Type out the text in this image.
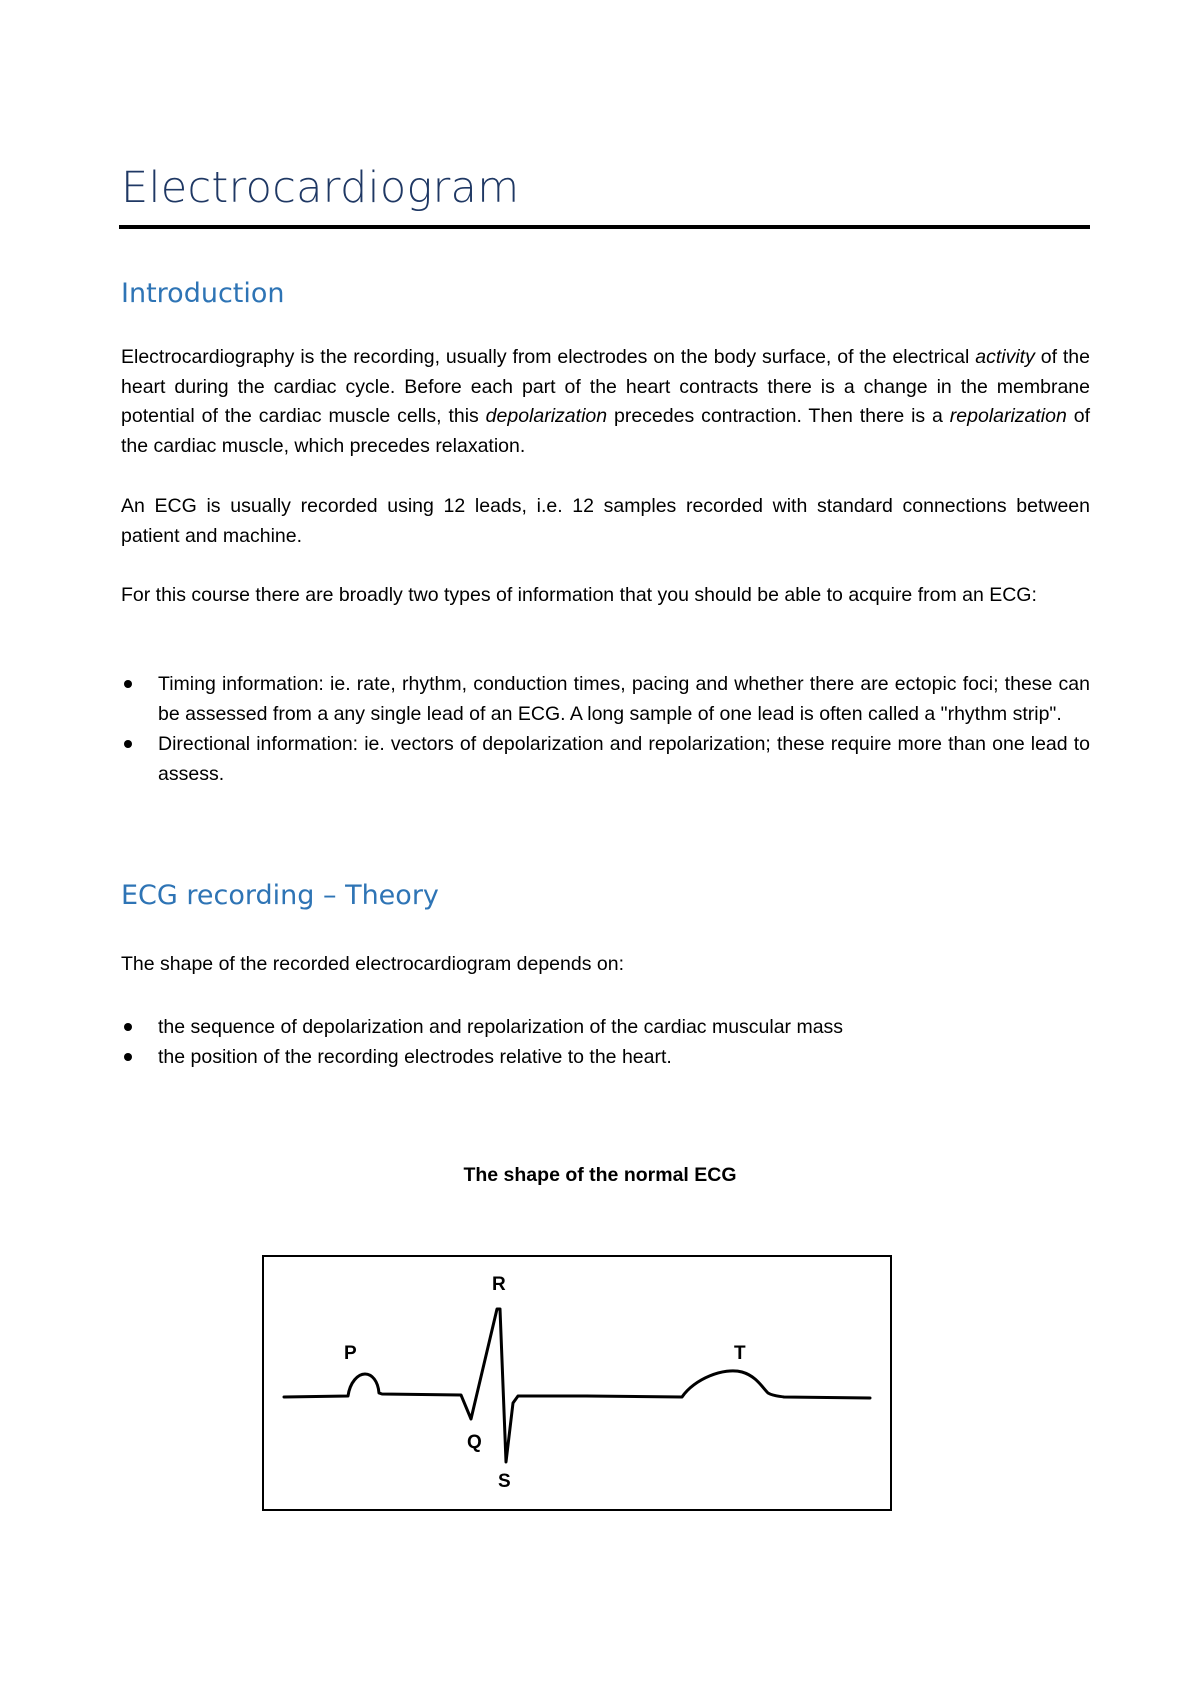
Electrocardiogram
Introduction

Electrocardiography is the recording, usually from electrodes on the body surface, of the electrical activity of the heart during the cardiac cycle. Before each part of the heart contracts there is a change in the membrane potential of the cardiac muscle cells, this depolarization precedes contraction. Then there is a repolarization of the cardiac muscle, which precedes relaxation.

An ECG is usually recorded using 12 leads, i.e. 12 samples recorded with standard connections between patient and machine.

For this course there are broadly two types of information that you should be able to acquire from an ECG:

Timing information: ie. rate, rhythm, conduction times, pacing and whether there are ectopic foci; these can be assessed from a any single lead of an ECG. A long sample of one lead is often called a "rhythm strip".
Directional information: ie. vectors of depolarization and repolarization; these require more than one lead to assess.
ECG recording – Theory

The shape of the recorded electrocardiogram depends on:

the sequence of depolarization and repolarization of the cardiac muscular mass
the position of the recording electrodes relative to the heart.

The shape of the normal ECG

P
Q
R
S
T
